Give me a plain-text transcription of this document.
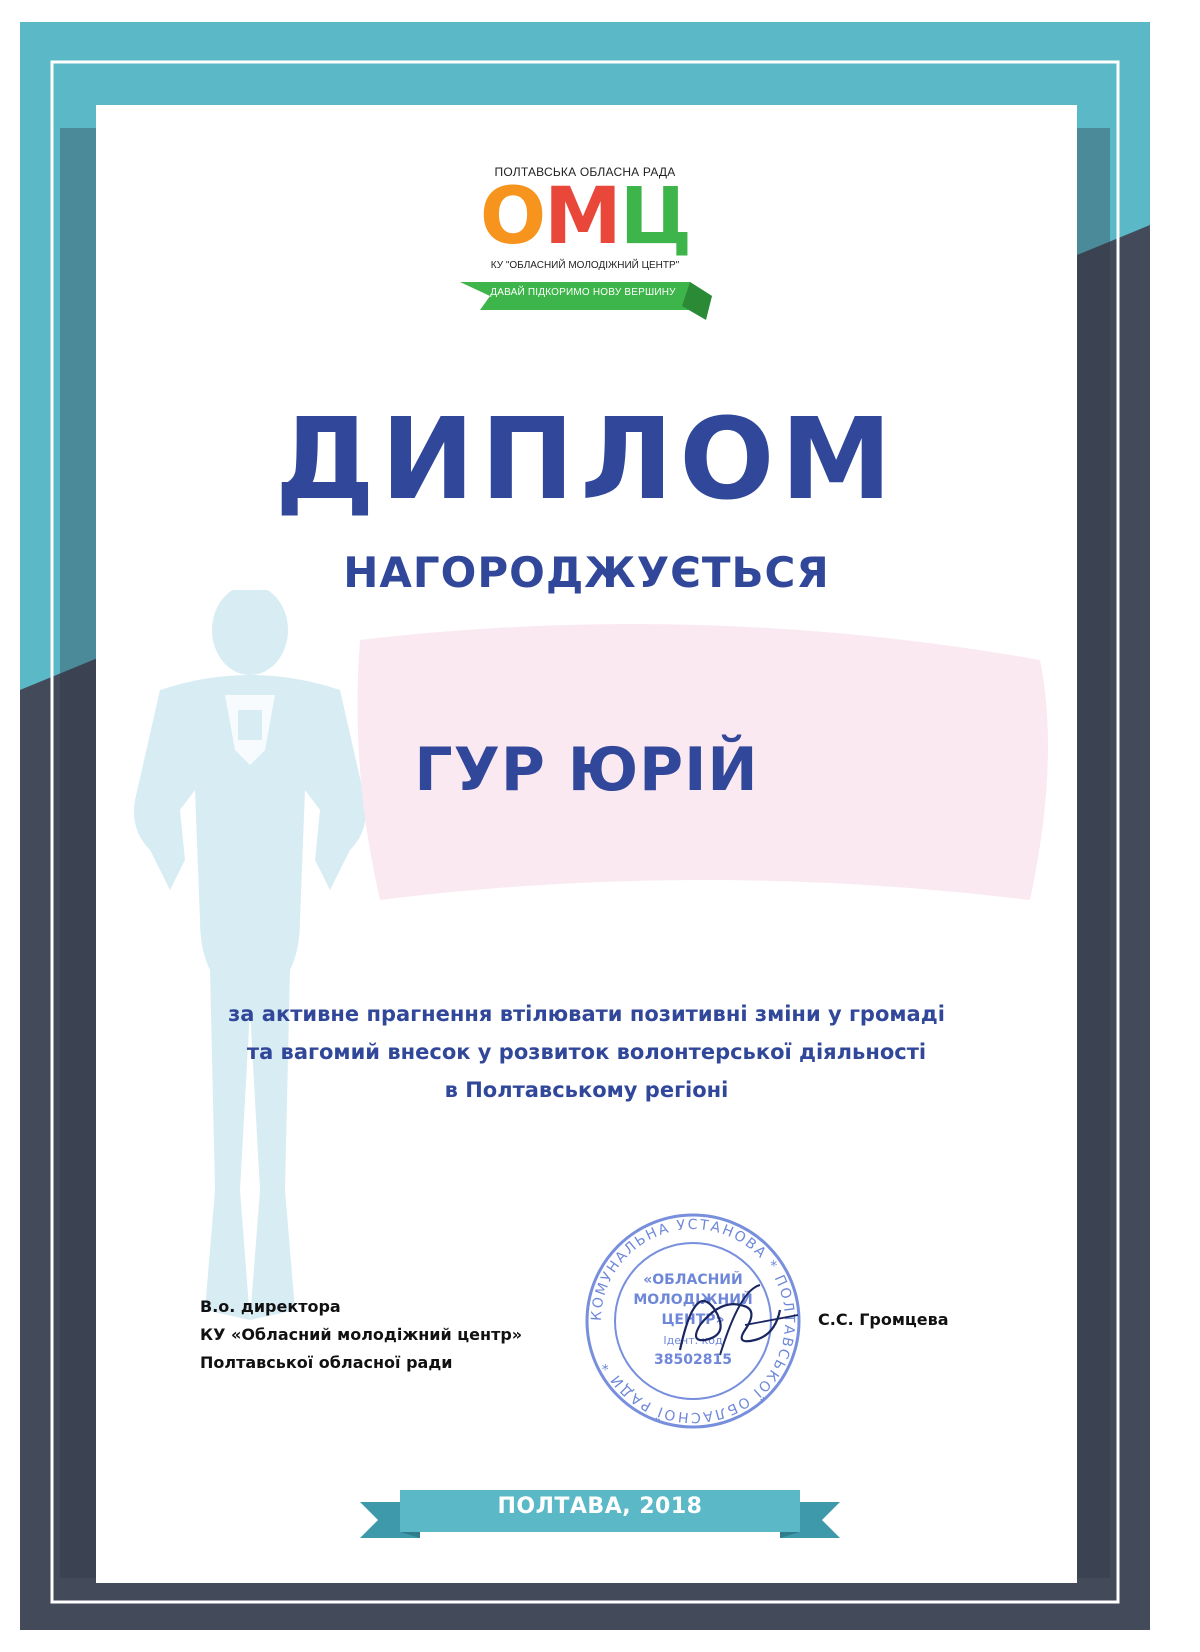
ПОЛТАВСЬКА ОБЛАСНА РАДА
ОМЦ
КУ "ОБЛАСНИЙ МОЛОДІЖНИЙ ЦЕНТР"
ДАВАЙ ПІДКОРИМО НОВУ ВЕРШИНУ
ДИПЛОМ
НАГОРОДЖУЄТЬСЯ
ГУР ЮРІЙ
за активне прагнення втілювати позитивні зміни у громаді
та вагомий внесок у розвиток волонтерської діяльності
в Полтавському регіоні
В.о. директора
КУ «Обласний молодіжний центр»
Полтавської обласної ради
С.С. Громцева
КОМУНАЛЬНА УСТАНОВА * ПОЛТАВСЬКОЇ ОБЛАСНОЇ РАДИ *
«ОБЛАСНИЙ
МОЛОДІЖНИЙ
ЦЕНТР»
Ідент. код
38502815
ПОЛТАВА, 2018
